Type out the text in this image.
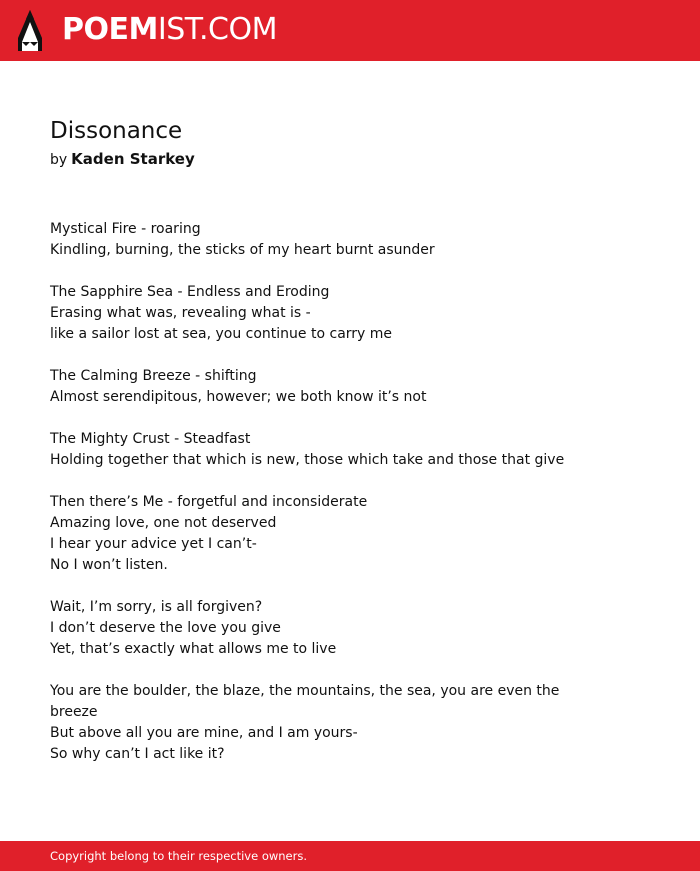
POEMIST.COM
Dissonance
by Kaden Starkey
Mystical Fire - roaring
Kindling, burning, the sticks of my heart burnt asunder
The Sapphire Sea - Endless and Eroding
Erasing what was, revealing what is -
like a sailor lost at sea, you continue to carry me
The Calming Breeze - shifting
Almost serendipitous, however; we both know it’s not
The Mighty Crust - Steadfast
Holding together that which is new, those which take and those that give
Then there’s Me - forgetful and inconsiderate
Amazing love, one not deserved
I hear your advice yet I can’t-
No I won’t listen.
Wait, I’m sorry, is all forgiven?
I don’t deserve the love you give
Yet, that’s exactly what allows me to live
You are the boulder, the blaze, the mountains, the sea, you are even the breeze
But above all you are mine, and I am yours-
So why can’t I act like it?
Copyright belong to their respective owners.
